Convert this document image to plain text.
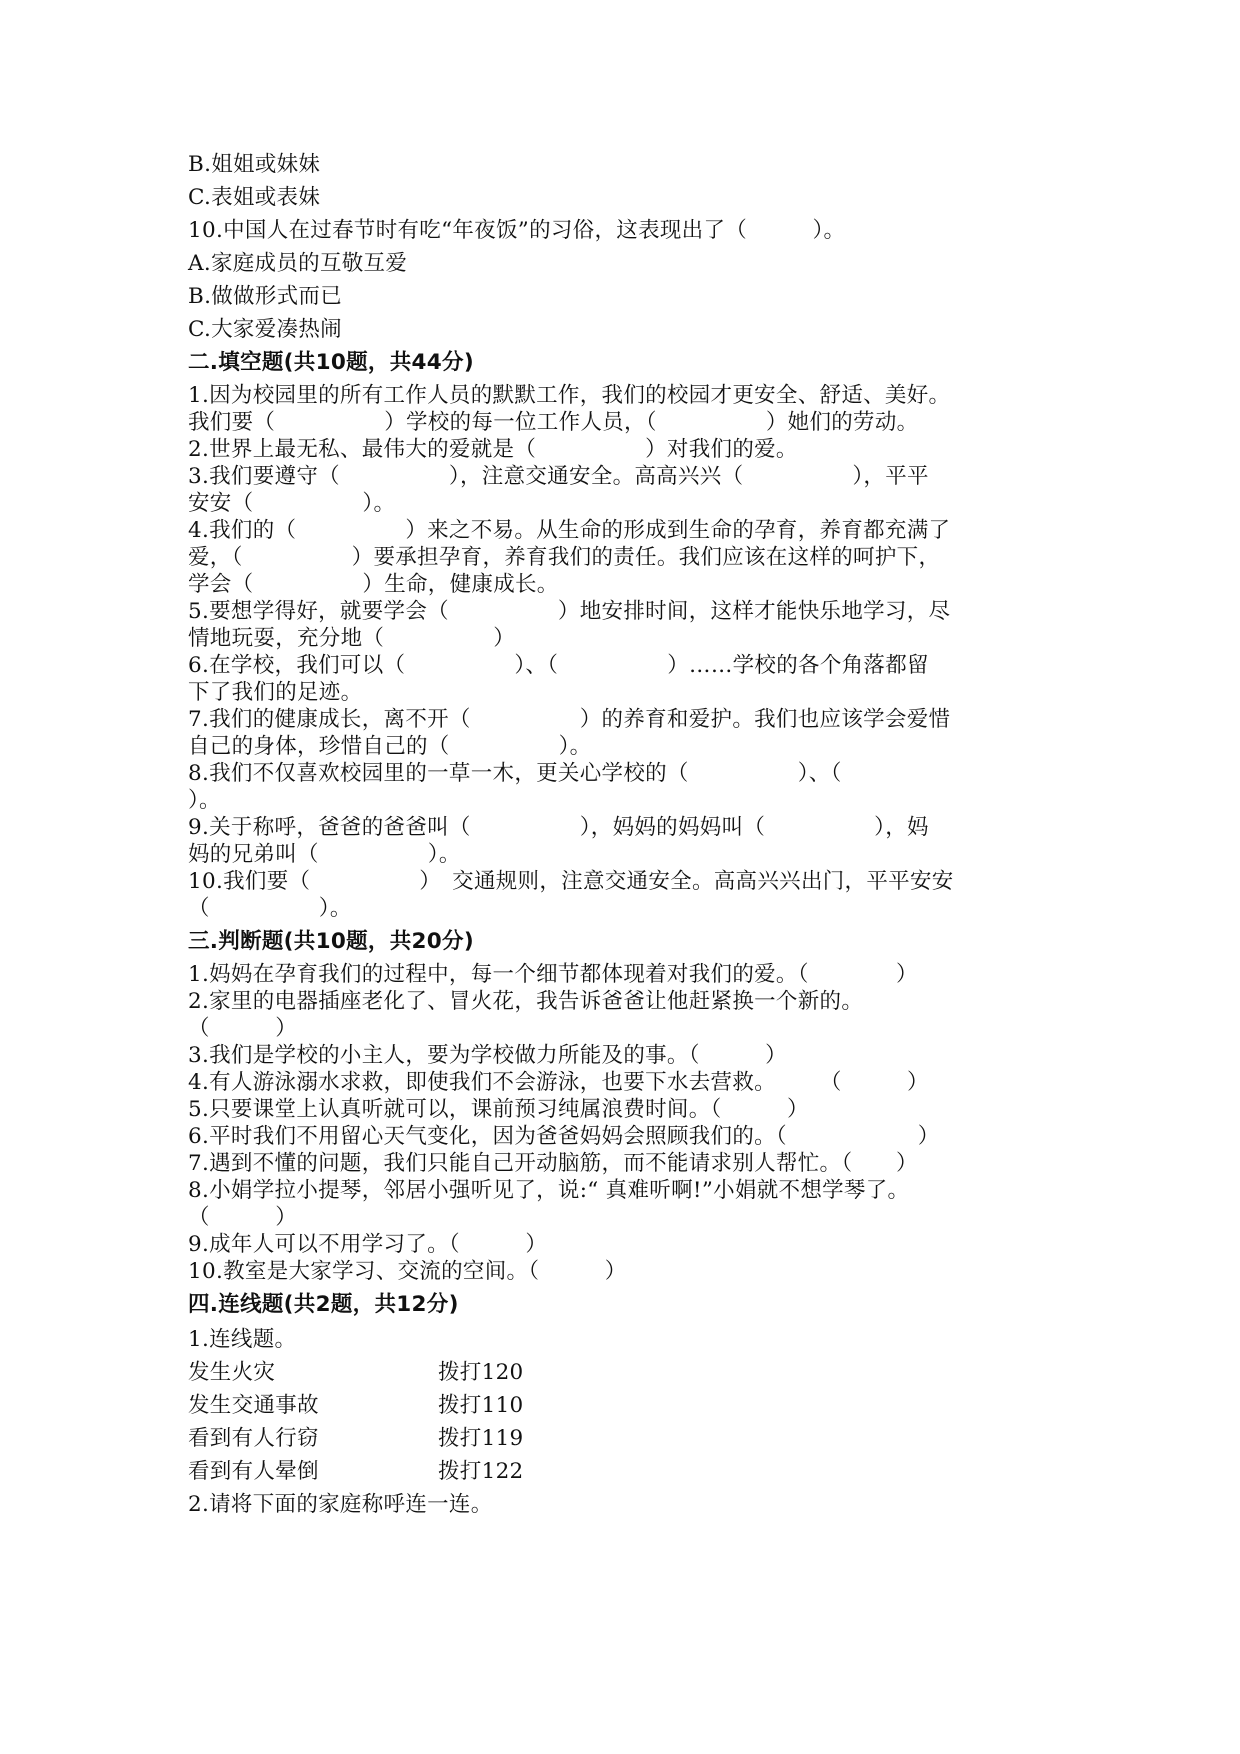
B.姐姐或妹妹
C.表姐或表妹
10.中国人在过春节时有吃“年夜饭”的习俗，这表现出了（　　　）。
A.家庭成员的互敬互爱
B.做做形式而已
C.大家爱凑热闹
二.填空题(共10题，共44分)
1.因为校园里的所有工作人员的默默工作，我们的校园才更安全、舒适、美好。
我们要（　　　　　）学校的每一位工作人员，（　　　　　）她们的劳动。
2.世界上最无私、最伟大的爱就是（　　　　　）对我们的爱。
3.我们要遵守（　　　　　），注意交通安全。高高兴兴（　　　　　），平平
安安（　　　　　）。
4.我们的（　　　　　）来之不易。从生命的形成到生命的孕育，养育都充满了
爱，（　　　　　）要承担孕育，养育我们的责任。我们应该在这样的呵护下，
学会（　　　　　）生命，健康成长。
5.要想学得好，就要学会（　　　　　）地安排时间，这样才能快乐地学习，尽
情地玩耍，充分地（　　　　　）
6.在学校，我们可以（　　　　　）、（　　　　　）……学校的各个角落都留
下了我们的足迹。
7.我们的健康成长，离不开（　　　　　）的养育和爱护。我们也应该学会爱惜
自己的身体，珍惜自己的（　　　　　）。
8.我们不仅喜欢校园里的一草一木，更关心学校的（　　　　　）、（
）。
9.关于称呼，爸爸的爸爸叫（　　　　　），妈妈的妈妈叫（　　　　　），妈
妈的兄弟叫（　　　　　）。
10.我们要（　　　　　）　交通规则，注意交通安全。高高兴兴出门，平平安安
（　　　　　）。
三.判断题(共10题，共20分)
1.妈妈在孕育我们的过程中，每一个细节都体现着对我们的爱。（　　　　）
2.家里的电器插座老化了、冒火花，我告诉爸爸让他赶紧换一个新的。
（　　　）
3.我们是学校的小主人，要为学校做力所能及的事。（　　　）
4.有人游泳溺水求救，即使我们不会游泳，也要下水去营救。　　　（　　　）
5.只要课堂上认真听就可以，课前预习纯属浪费时间。（　　　）
6.平时我们不用留心天气变化，因为爸爸妈妈会照顾我们的。（　　　　　　）
7.遇到不懂的问题，我们只能自己开动脑筋，而不能请求别人帮忙。（　　）
8.小娟学拉小提琴，邻居小强听见了，说:“ 真难听啊!”小娟就不想学琴了。
（　　　）
9.成年人可以不用学习了。（　　　）
10.教室是大家学习、交流的空间。（　　　）
四.连线题(共2题，共12分)
1.连线题。
发生火灾	拨打120
发生交通事故	拨打110
看到有人行窃	拨打119
看到有人晕倒	拨打122
2.请将下面的家庭称呼连一连。
